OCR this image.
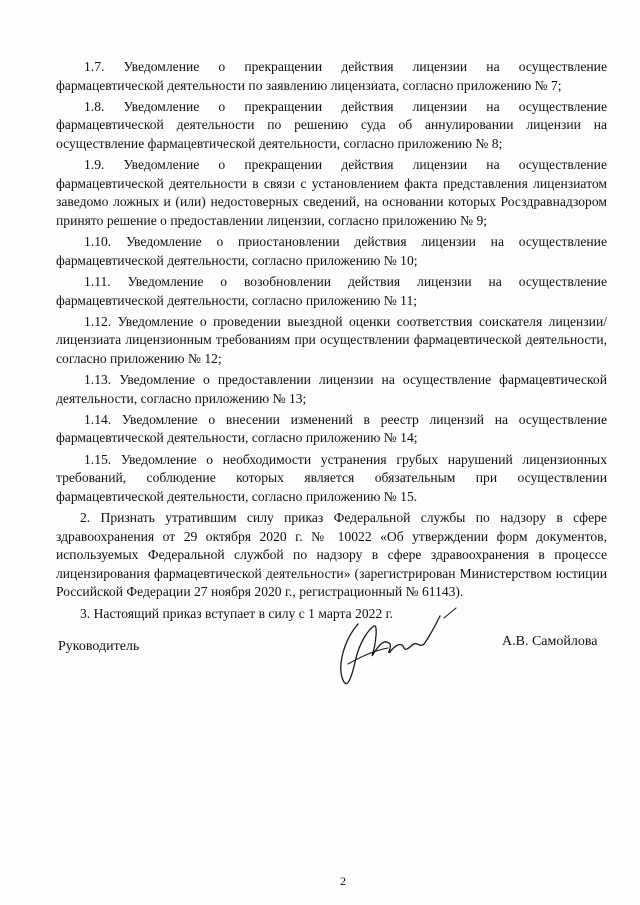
1.7. Уведомление о прекращении действия лицензии на осуществление фармацевтической деятельности по заявлению лицензиата, согласно приложению № 7;

1.8. Уведомление о прекращении действия лицензии на осуществление фармацевтической деятельности по решению суда об аннулировании лицензии на осуществление фармацевтической деятельности, согласно приложению № 8;

1.9. Уведомление о прекращении действия лицензии на осуществление фармацевтической деятельности в связи с установлением факта представления лицензиатом заведомо ложных и (или) недостоверных сведений, на основании которых Росздравнадзором принято решение о предоставлении лицензии, согласно приложению № 9;

1.10. Уведомление о приостановлении действия лицензии на осуществление фармацевтической деятельности, согласно приложению № 10;

1.11. Уведомление о возобновлении действия лицензии на осуществление фармацевтической деятельности, согласно приложению № 11;

1.12. Уведомление о проведении выездной оценки соответствия соискателя лицензии/лицензиата лицензионным требованиям при осуществлении фармацевтической деятельности, согласно приложению № 12;

1.13. Уведомление о предоставлении лицензии на осуществление фармацевтической деятельности, согласно приложению № 13;

1.14. Уведомление о внесении изменений в реестр лицензий на осуществление фармацевтической деятельности, согласно приложению № 14;

1.15. Уведомление о необходимости устранения грубых нарушений лицензионных требований, соблюдение которых является обязательным при осуществлении фармацевтической деятельности, согласно приложению № 15.

2. Признать утратившим силу приказ Федеральной службы по надзору в сфере здравоохранения от 29 октября 2020 г. № 10022 «Об утверждении форм документов, используемых Федеральной службой по надзору в сфере здравоохранения в процессе лицензирования фармацевтической деятельности» (зарегистрирован Министерством юстиции Российской Федерации 27 ноября 2020 г., регистрационный № 61143).

3. Настоящий приказ вступает в силу с 1 марта 2022 г.

Руководитель	А.В. Самойлова
2
